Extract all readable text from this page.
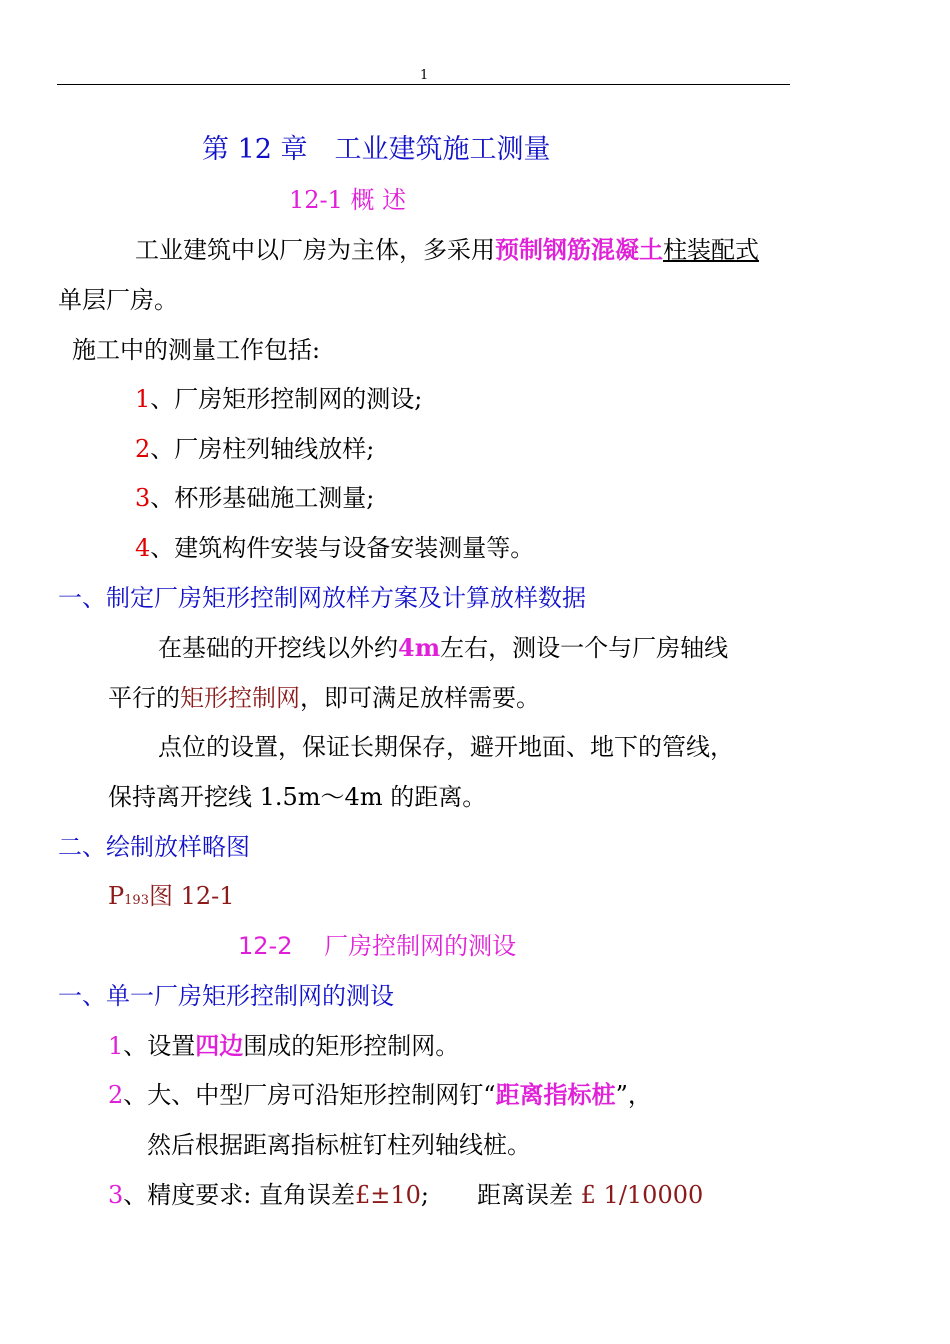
1
第 12 章　 工业建筑施工测量
12-1 概 述
工业建筑中以厂房为主体，多采用预制钢筋混凝土柱装配式
单层厂房。
施工中的测量工作包括:
1、厂房矩形控制网的测设;
2、厂房柱列轴线放样;
3、杯形基础施工测量;
4、建筑构件安装与设备安装测量等。
一、制定厂房矩形控制网放样方案及计算放样数据
在基础的开挖线以外约4m左右，测设一个与厂房轴线
平行的矩形控制网，即可满足放样需要。
点位的设置，保证长期保存，避开地面、地下的管线，
保持离开挖线 1.5m～4m 的距离。
二、绘制放样略图
P193图 12-1
12-2　 厂房控制网的测设
一、单一厂房矩形控制网的测设
1、设置四边围成的矩形控制网。
2、大、中型厂房可沿矩形控制网钉“距离指标桩”，
然后根据距离指标桩钉柱列轴线桩。
3、精度要求: 直角误差£±10;　　距离误差 £ 1/10000
